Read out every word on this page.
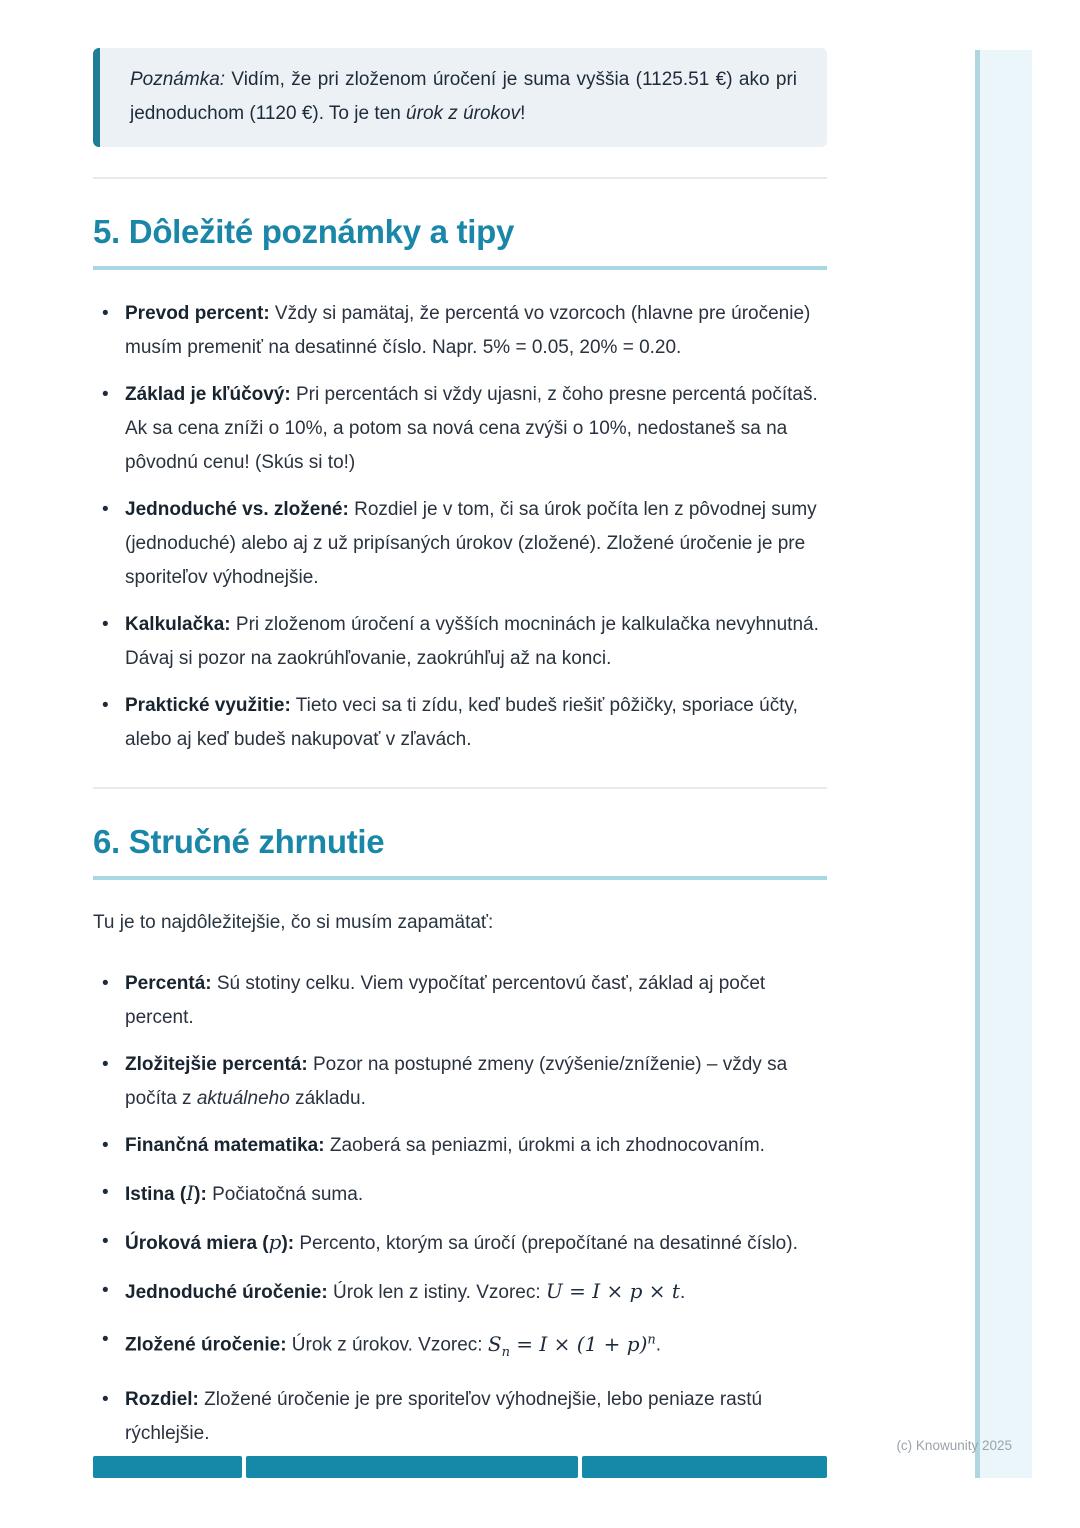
Poznámka: Vidím, že pri zloženom úročení je suma vyššia (1125.51 €) ako pri jednoduchom (1120 €). To je ten úrok z úrokov!
5. Dôležité poznámky a tipy
• Prevod percent: Vždy si pamätaj, že percentá vo vzorcoch (hlavne pre úročenie) musím premeniť na desatinné číslo. Napr. 5% = 0.05, 20% = 0.20.
• Základ je kľúčový: Pri percentách si vždy ujasni, z čoho presne percentá počítaš. Ak sa cena zníži o 10%, a potom sa nová cena zvýši o 10%, nedostaneš sa na pôvodnú cenu! (Skús si to!)
• Jednoduché vs. zložené: Rozdiel je v tom, či sa úrok počíta len z pôvodnej sumy (jednoduché) alebo aj z už pripísaných úrokov (zložené). Zložené úročenie je pre sporiteľov výhodnejšie.
• Kalkulačka: Pri zloženom úročení a vyšších mocninách je kalkulačka nevyhnutná. Dávaj si pozor na zaokrúhľovanie, zaokrúhľuj až na konci.
• Praktické využitie: Tieto veci sa ti zídu, keď budeš riešiť pôžičky, sporiace účty, alebo aj keď budeš nakupovať v zľavách.
6. Stručné zhrnutie

Tu je to najdôležitejšie, čo si musím zapamätať:

• Percentá: Sú stotiny celku. Viem vypočítať percentovú časť, základ aj počet percent.
• Zložitejšie percentá: Pozor na postupné zmeny (zvýšenie/zníženie) – vždy sa počíta z aktuálneho základu.
• Finančná matematika: Zaoberá sa peniazmi, úrokmi a ich zhodnocovaním.
• Istina (I): Počiatočná suma.
• Úroková miera (p): Percento, ktorým sa úročí (prepočítané na desatinné číslo).
• Jednoduché úročenie: Úrok len z istiny. Vzorec: U = I × p × t.
• Zložené úročenie: Úrok z úrokov. Vzorec: $S_n = I \times (1 + p)^n$.
• Rozdiel: Zložené úročenie je pre sporiteľov výhodnejšie, lebo peniaze rastú rýchlejšie.
(c) Knowunity 2025
